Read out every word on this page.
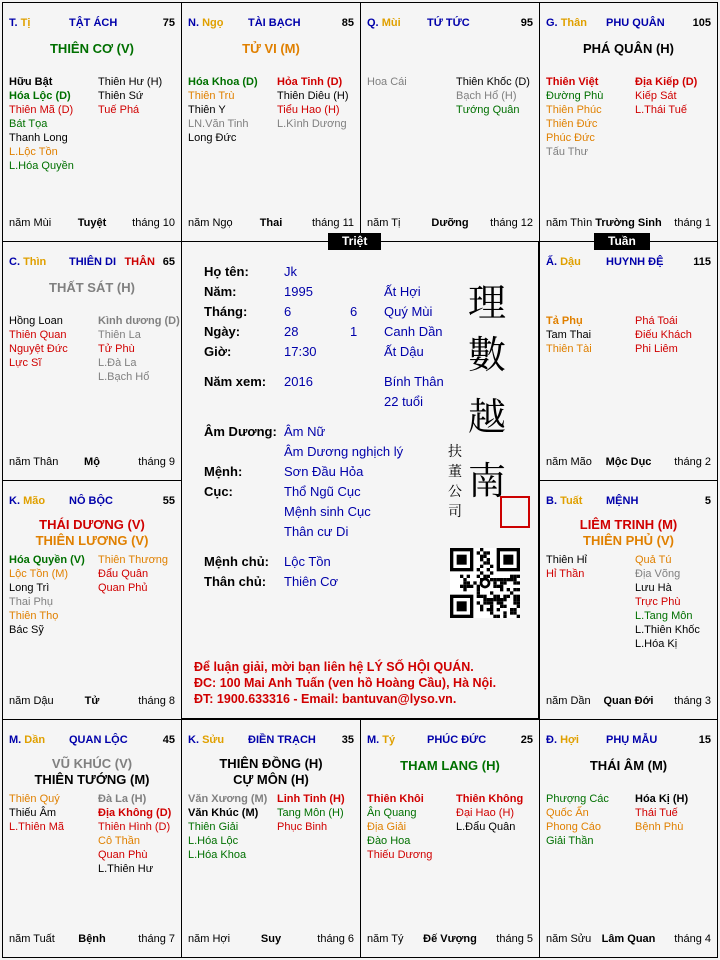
T. Tị	TẬT ÁCH	75
THIÊN CƠ (V)
Hữu Bật
Hóa Lộc (D)
Thiên Mã (D)
Bát Tọa
Thanh Long
L.Lộc Tồn
L.Hóa Quyền
Thiên Hư (H)
Thiên Sứ
Tuế Phá
năm Mùi	Tuyệt	tháng 10
N. Ngọ TÀI BẠCH	85
TỬ VI (M)
Hóa Khoa (D)
Thiên Trù
Thiên Y
LN.Văn Tinh
Long Đức
Hỏa Tinh (D)
Thiên Diêu (H)
Tiểu Hao (H)
L.Kình Dương
năm Ngọ	Thai	tháng 11
Q. Mùi TỨ TỨC	95
Hoa Cái	Thiên Khốc (D)
Bạch Hổ (H)
Tướng Quân
năm Tị	Dưỡng	tháng 12
G. Thân PHU QUÂN	105
PHÁ QUÂN (H)
Thiên Việt
Đường Phù
Thiên Phúc
Thiên Đức
Phúc Đức
Tấu Thư
Địa Kiếp (D)
Kiếp Sát
L.Thái Tuế
năm Thìn Trường Sinh	tháng 1
C. Thìn THIÊN DI THÂN 65
THẤT SÁT (H)
Hồng Loan
Thiên Quan
Nguyệt Đức
Lực Sĩ
Kình dương (D)
Thiên La
Tử Phù
L.Đà La
L.Bạch Hổ
năm Thân	Mộ	tháng 9
Ấ. Dậu HUYNH ĐỆ	115
Tả Phụ
Tam Thai
Thiên Tài
Phá Toái
Điếu Khách
Phi Liêm
năm Mão	Mộc Dục	tháng 2
K. Mão NÔ BỘC	55
THÁI DƯƠNG (V)
THIÊN LƯƠNG (V)
Hóa Quyền (V)
Lộc Tồn (M)
Long Trì
Thai Phụ
Thiên Thọ
Bác Sỹ
Thiên Thương
Đẩu Quân
Quan Phủ
năm Dậu	Tử	tháng 8
B. Tuất MỆNH	5
LIÊM TRINH (M)
THIÊN PHỦ (V)
Thiên Hỉ
Hỉ Thần
Quả Tú
Địa Võng
Lưu Hà
Trực Phù
L.Tang Môn
L.Thiên Khốc
L.Hóa Kị
năm Dần	Quan Đới	tháng 3
M. Dần QUAN LỘC	45
VŨ KHÚC (V)
THIÊN TƯỚNG (M)
Thiên Quý
Thiếu Âm
L.Thiên Mã
Đà La (H)
Địa Không (D)
Thiên Hình (D)
Cô Thần
Quan Phù
L.Thiên Hư
năm Tuất	Bệnh	tháng 7
K. Sửu ĐIỀN TRẠCH 35
THIÊN ĐỒNG (H)
CỰ MÔN (H)
Văn Xương (M)
Văn Khúc (M)
Thiên Giải
L.Hóa Lộc
L.Hóa Khoa
Linh Tinh (H)
Tang Môn (H)
Phục Binh
năm Hợi	Suy	tháng 6
M. Tý	PHÚC ĐỨC	25
THAM LANG (H)
Thiên Khôi
Ân Quang
Địa Giải
Đào Hoa
Thiếu Dương
Thiên Không
Đại Hao (H)
L.Đẩu Quân
năm Tý	Đế Vượng	tháng 5
Đ. Hợi PHỤ MẪU	15
THÁI ÂM (M)
Phượng Các
Quốc Ấn
Phong Cáo
Giải Thần
Hóa Kị (H)
Thái Tuế
Bệnh Phù
năm Sửu Lâm Quan	tháng 4
Họ tên:	Jk
Năm:	1995	Ất Hợi
Tháng:	6	6 Quý Mùi
Ngày:	28	1 Canh Dần
Giờ:	17:30	Ất Dậu
Năm xem: 2016	Bính Thân
22 tuổi
Âm Dương: Âm Nữ
Âm Dương nghịch lý
Mệnh:	Sơn Đầu Hỏa
Cục:	Thổ Ngũ Cục
Mệnh sinh Cục
Thân cư Di
Mệnh chủ: Lộc Tồn
Thân chủ: Thiên Cơ
理
數
越
南
扶 董 公 司
Để luận giải, mời bạn liên hệ LÝ SỐ HỘI QUÁN.
ĐC: 100 Mai Anh Tuấn (ven hồ Hoàng Cầu), Hà Nội.
ĐT: 1900.633316 - Email: bantuvan@lyso.vn.
Triệt	Tuần
